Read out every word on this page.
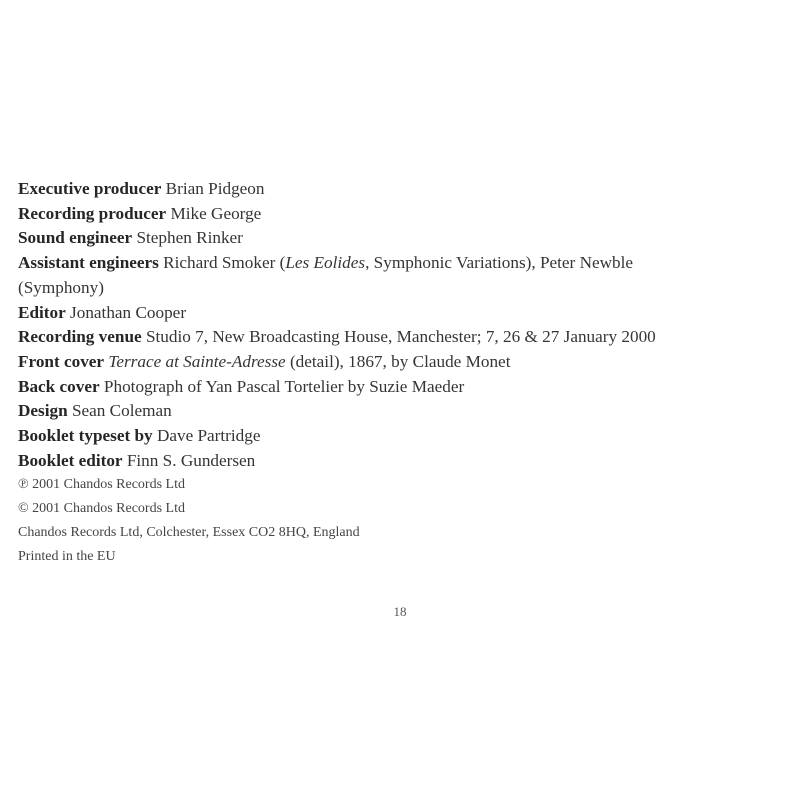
Executive producer Brian Pidgeon
Recording producer Mike George
Sound engineer Stephen Rinker
Assistant engineers Richard Smoker (Les Eolides, Symphonic Variations), Peter Newble
(Symphony)
Editor Jonathan Cooper
Recording venue Studio 7, New Broadcasting House, Manchester; 7, 26 & 27 January 2000
Front cover Terrace at Sainte-Adresse (detail), 1867, by Claude Monet
Back cover Photograph of Yan Pascal Tortelier by Suzie Maeder
Design Sean Coleman
Booklet typeset by Dave Partridge
Booklet editor Finn S. Gundersen
℗ 2001 Chandos Records Ltd
© 2001 Chandos Records Ltd
Chandos Records Ltd, Colchester, Essex CO2 8HQ, England
Printed in the EU
18
